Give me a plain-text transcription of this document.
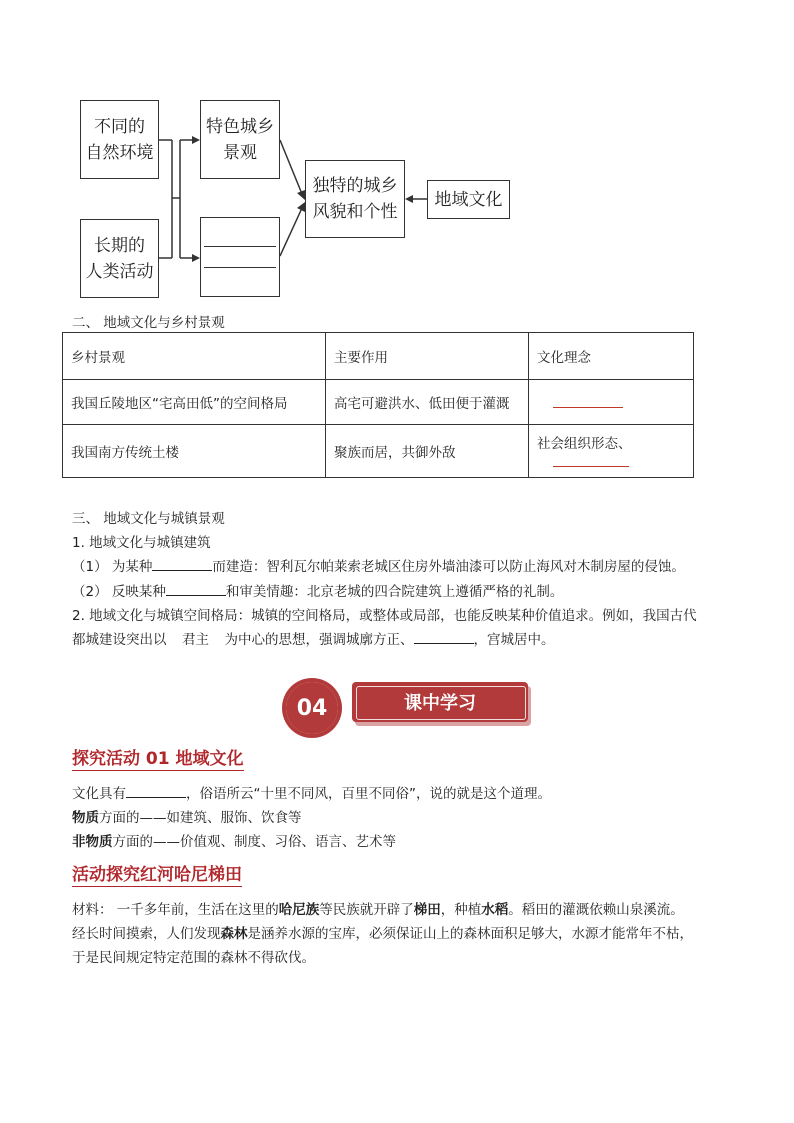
不同的
自然环境
长期的
人类活动
特色城乡
景观
独特的城乡
风貌和个性
地域文化
二、 地域文化与乡村景观
乡村景观	主要作用	文化理念
我国丘陵地区“宅高田低”的空间格局	高宅可避洪水、低田便于灌溉	
我国南方传统土楼	聚族而居，共御外敌	社会组织形态、
三、 地域文化与城镇景观
1. 地域文化与城镇建筑
（1） 为某种	而建造：智利瓦尔帕莱索老城区住房外墙油漆可以防止海风对木制房屋的侵蚀。
（2） 反映某种	和审美情趣：北京老城的四合院建筑上遵循严格的礼制。
2. 地域文化与城镇空间格局：城镇的空间格局，或整体或局部，也能反映某种价值追求。例如，我国古代
都城建设突出以 君主 为中心的思想，强调城廓方正、	，宫城居中。
04	课中学习
探究活动 01 地域文化
文化具有	，俗语所云“十里不同风，百里不同俗”，说的就是这个道理。
物质方面的——如建筑、服饰、饮食等
非物质方面的——价值观、制度、习俗、语言、艺术等
活动探究红河哈尼梯田
材料： 一千多年前，生活在这里的哈尼族等民族就开辟了梯田，种植水稻。稻田的灌溉依赖山泉溪流。
经长时间摸索，人们发现森林是涵养水源的宝库，必须保证山上的森林面积足够大，水源才能常年不枯，
于是民间规定特定范围的森林不得砍伐。
